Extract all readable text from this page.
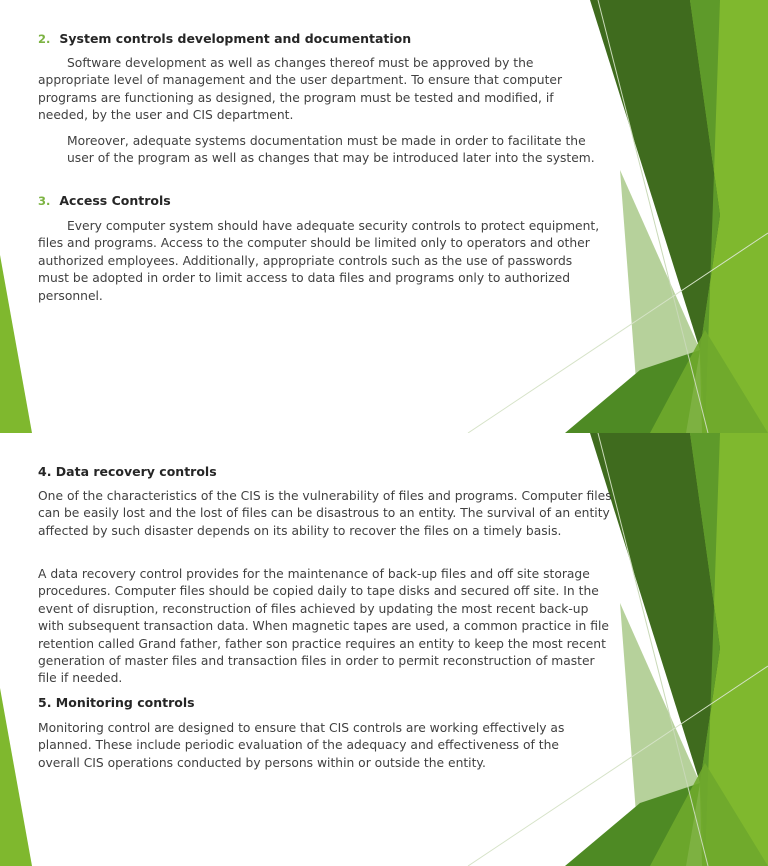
2. System controls development and documentation

Software development as well as changes thereof must be approved by the appropriate level of management and the user department. To ensure that computer programs are functioning as designed, the program must be tested and modified, if needed, by the user and CIS department.

Moreover, adequate systems documentation must be made in order to facilitate the user of the program as well as changes that may be introduced later into the system.

3. Access Controls

Every computer system should have adequate security controls to protect equipment, files and programs. Access to the computer should be limited only to operators and other authorized employees. Additionally, appropriate controls such as the use of passwords must be adopted in order to limit access to data files and programs only to authorized personnel.

4. Data recovery controls

One of the characteristics of the CIS is the vulnerability of files and programs. Computer files can be easily lost and the lost of files can be disastrous to an entity. The survival of an entity affected by such disaster depends on its ability to recover the files on a timely basis.

A data recovery control provides for the maintenance of back-up files and off site storage procedures. Computer files should be copied daily to tape disks and secured off site. In the event of disruption, reconstruction of files achieved by updating the most recent back-up with subsequent transaction data. When magnetic tapes are used, a common practice in file retention called Grand father, father son practice requires an entity to keep the most recent generation of master files and transaction files in order to permit reconstruction of master file if needed.

5. Monitoring controls

Monitoring control are designed to ensure that CIS controls are working effectively as planned. These include periodic evaluation of the adequacy and effectiveness of the overall CIS operations conducted by persons within or outside the entity.
